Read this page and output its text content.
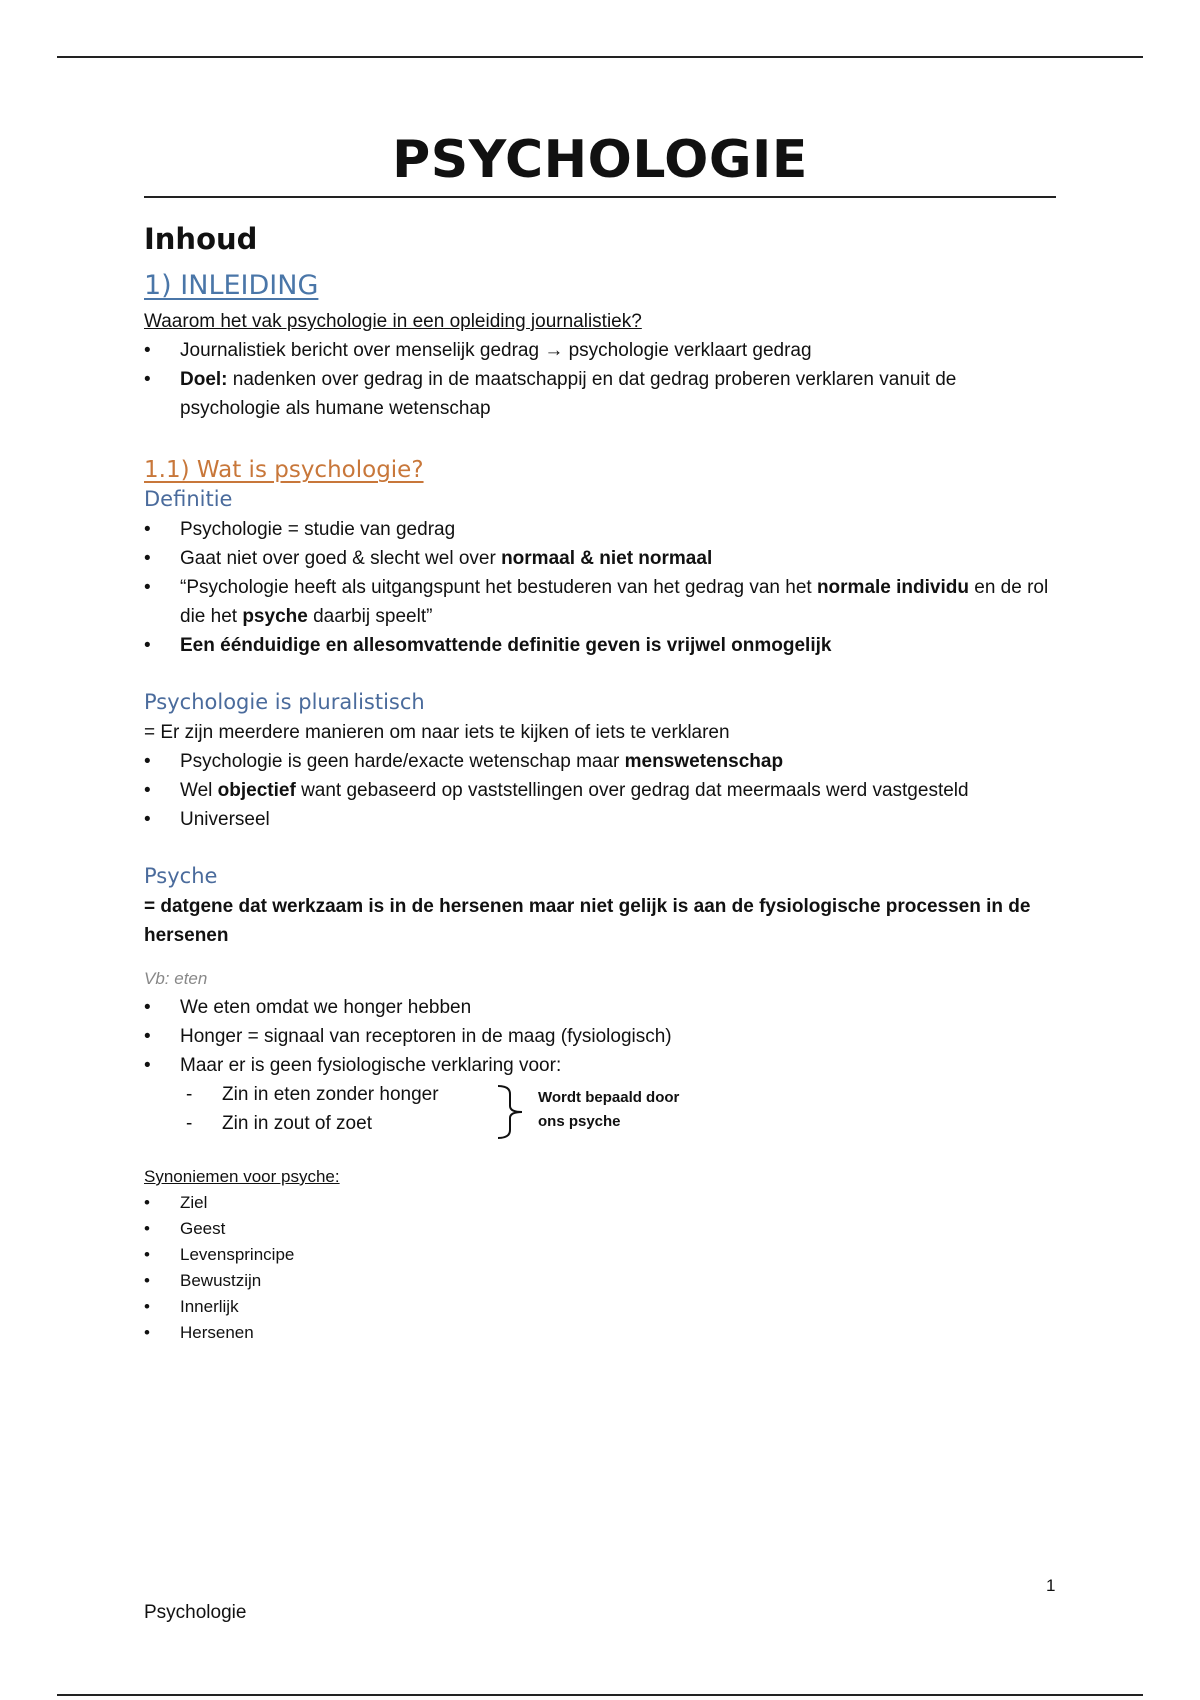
PSYCHOLOGIE
Inhoud
1) INLEIDING

Waarom het vak psychologie in een opleiding journalistiek?

• Journalistiek bericht over menselijk gedrag → psychologie verklaart gedrag
• Doel: nadenken over gedrag in de maatschappij en dat gedrag proberen verklaren vanuit de psychologie als humane wetenschap
1.1) Wat is psychologie?
Definitie
• Psychologie = studie van gedrag
• Gaat niet over goed & slecht wel over normaal & niet normaal
• “Psychologie heeft als uitgangspunt het bestuderen van het gedrag van het normale individu en de rol die het psyche daarbij speelt”
• Een éénduidige en allesomvattende definitie geven is vrijwel onmogelijk
Psychologie is pluralistisch

= Er zijn meerdere manieren om naar iets te kijken of iets te verklaren

• Psychologie is geen harde/exacte wetenschap maar menswetenschap
• Wel objectief want gebaseerd op vaststellingen over gedrag dat meermaals werd vastgesteld
• Universeel
Psyche

= datgene dat werkzaam is in de hersenen maar niet gelijk is aan de fysiologische processen in de hersenen

Vb: eten

• We eten omdat we honger hebben
• Honger = signaal van receptoren in de maag (fysiologisch)
• Maar er is geen fysiologische verklaring voor:
- Zin in eten zonder honger
- Zin in zout of zoet
Wordt bepaald door ons psyche

Synoniemen voor psyche:

• Ziel
• Geest
• Levensprincipe
• Bewustzijn
• Innerlijk
• Hersenen
1
Psychologie
